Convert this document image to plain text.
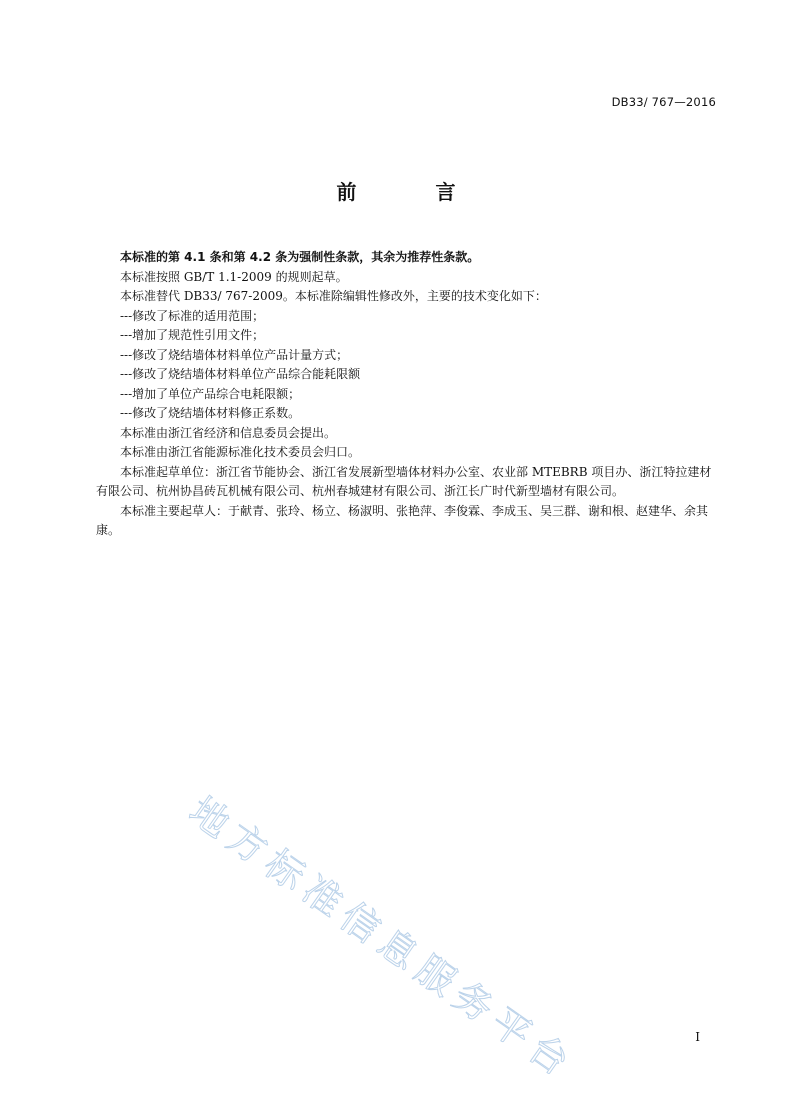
DB33/ 767—2016
前 言

本标准的第 4.1 条和第 4.2 条为强制性条款，其余为推荐性条款。

本标准按照 GB/T 1.1-2009 的规则起草。

本标准替代 DB33/ 767-2009。本标准除编辑性修改外，主要的技术变化如下：

---修改了标准的适用范围；

---增加了规范性引用文件；

---修改了烧结墙体材料单位产品计量方式；

---修改了烧结墙体材料单位产品综合能耗限额

---增加了单位产品综合电耗限额；

---修改了烧结墙体材料修正系数。

本标准由浙江省经济和信息委员会提出。

本标准由浙江省能源标准化技术委员会归口。

本标准起草单位：浙江省节能协会、浙江省发展新型墙体材料办公室、农业部 MTEBRB 项目办、浙江特拉建材有限公司、杭州协昌砖瓦机械有限公司、杭州春城建材有限公司、浙江长广时代新型墙材有限公司。

本标准主要起草人：于献青、张玲、杨立、杨淑明、张艳萍、李俊霖、李成玉、吴三群、谢和根、赵建华、余其康。

地方标准信息服务平台	I
